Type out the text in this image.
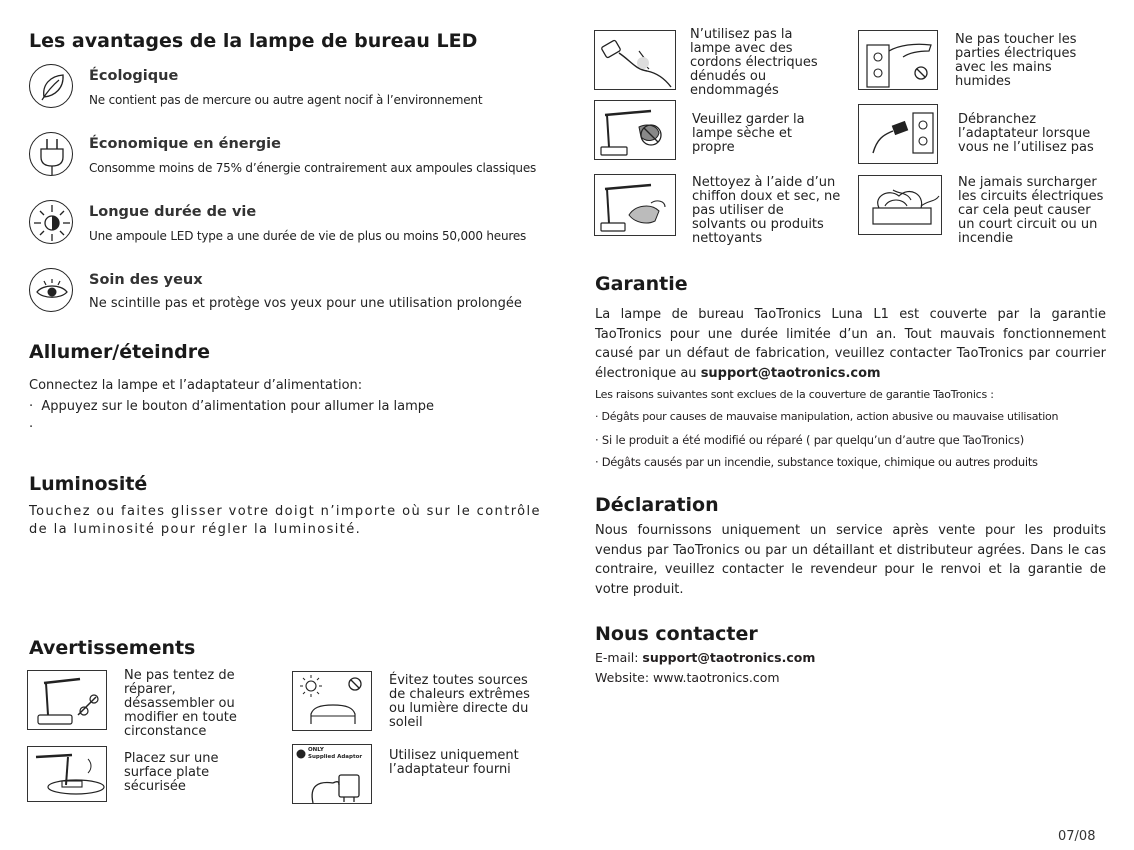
Les avantages de la lampe de bureau LED

Écologique

Ne contient pas de mercure ou autre agent nocif à l’environnement

Économique en énergie

Consomme moins de 75% d’énergie contrairement aux ampoules classiques

Longue durée de vie

Une ampoule LED type a une durée de vie de plus ou moins 50,000 heures

Soin des yeux

Ne scintille pas et protège vos yeux pour une utilisation prolongée

Allumer/éteindre

Connectez la lampe et l’adaptateur d’alimentation:

·  Appuyez sur le bouton d’alimentation pour allumer la lampe
·
Luminosité

Touchez ou faites glisser votre doigt n’importe où sur le contrôle de la luminosité pour régler la luminosité.

Avertissements

Ne pas tentez de réparer, désassembler ou modifier en toute circonstance

Évitez toutes sources de chaleurs extrêmes ou lumière directe du soleil

Placez sur une surface plate sécurisée

ONLY
Supplied Adaptor Utilisez uniquement l’adaptateur fourni

N’utilisez pas la lampe avec des cordons électriques dénudés ou endommagés

Ne pas toucher les parties électriques avec les mains humides

Veuillez garder la lampe sèche et propre

Débranchez l’adaptateur lorsque vous ne l’utilisez pas

Nettoyez à l’aide d’un chiffon doux et sec, ne pas utiliser de solvants ou produits nettoyants

Ne jamais surcharger les circuits électriques car cela peut causer un court circuit ou un incendie

Garantie

La lampe de bureau TaoTronics Luna L1 est couverte par la garantie TaoTronics pour une durée limitée d’un an. Tout mauvais fonctionnement causé par un défaut de fabrication, veuillez contacter TaoTronics par courrier électronique au support@taotronics.com

Les raisons suivantes sont exclues de la couverture de garantie TaoTronics :

· Dégâts pour causes de mauvaise manipulation, action abusive ou mauvaise utilisation
· Si le produit a été modifié ou réparé ( par quelqu’un d’autre que TaoTronics)
· Dégâts causés par un incendie, substance toxique, chimique ou autres produits
Déclaration

Nous fournissons uniquement un service après vente pour les produits vendus par TaoTronics ou par un détaillant et distributeur agrées. Dans le cas contraire, veuillez contacter le revendeur pour le renvoi et la garantie de votre produit.

Nous contacter
E-mail: support@taotronics.com
Website: www.taotronics.com
07/08
